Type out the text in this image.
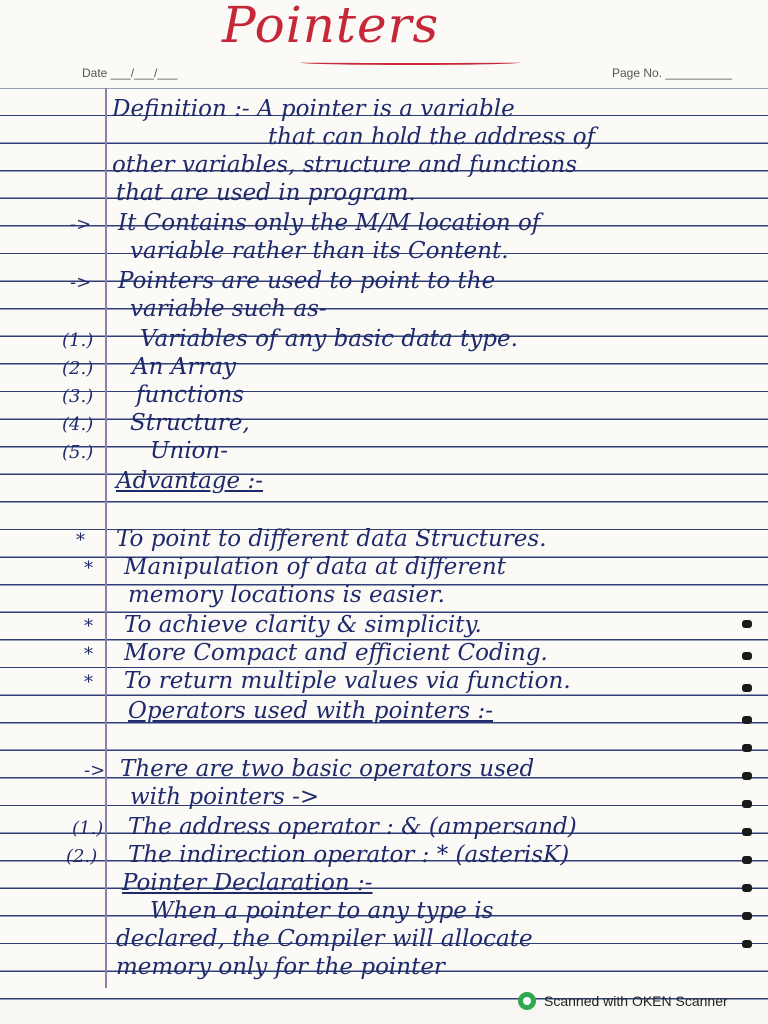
Pointers
Date ___/___/___	Page No. __________
Definition :- A pointer is a variable
that can hold the address of
other variables, structure and functions
that are used in program.
-> It Contains only the M/M location of
variable rather than its Content.
-> Pointers are used to point to the
variable such as-
(1.) Variables of any basic data type.
(2.) An Array
(3.) functions
(4.) Structure,
(5.) Union-
Advantage :-
* To point to different data Structures.
* Manipulation of data at different
memory locations is easier.
* To achieve clarity & simplicity.
* More Compact and efficient Coding.
* To return multiple values via function.
Operators used with pointers :-
-> There are two basic operators used
with pointers ->
(1.) The address operator : & (ampersand)
(2.) The indirection operator : * (asterisK)
Pointer Declaration :-
When a pointer to any type is
declared, the Compiler will allocate
memory only for the pointer
Scanned with OKEN Scanner
